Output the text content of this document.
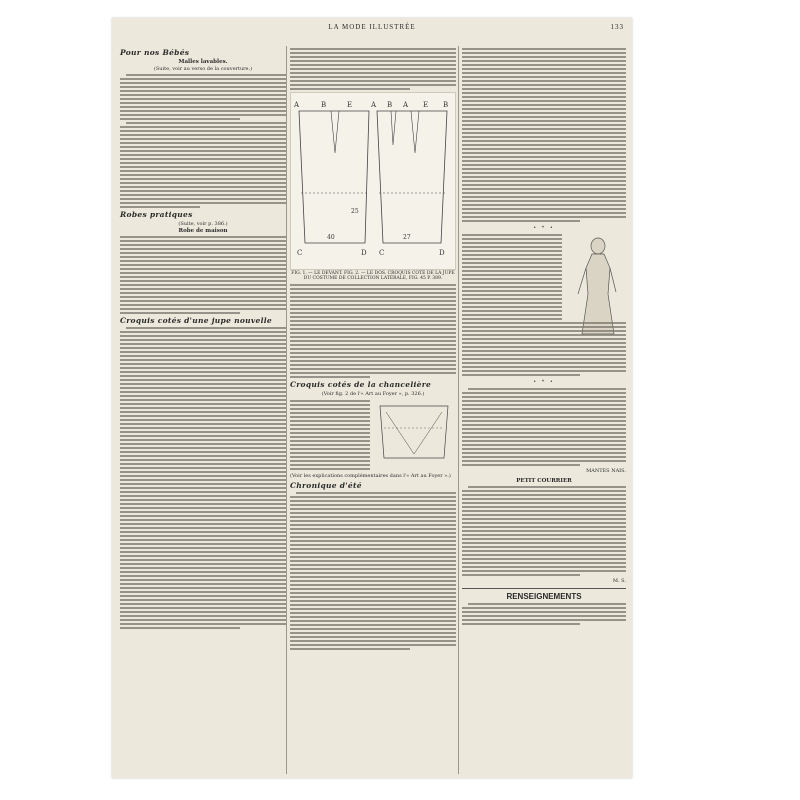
LA MODE ILLUSTRÉE	133
Pour nos Bébés
Malles lavables.
(Suite, voir au verso de la couverture.)
Robes pratiques
(Suite, voir p. 386.)
Robe de maison
Croquis cotés d'une jupe nouvelle
A	B	E	A B A E B
C	D C	D
40	27
25
FIG. 1. — LE DEVANT. FIG. 2. — LE DOS. CROQUIS COTÉ DE LA JUPE DU COSTUME DE COLLECTION LATÉRALE, FIG. 45 P. 389.
Croquis cotés de la chancelière
(Voir fig. 2 de l'« Art au Foyer », p. 326.)
(Voir les explications complémentaires dans l'« Art au Foyer ».)
Chronique d'été
• * •
• * •
MANTES NAIS.
PETIT COURRIER
M. S.
RENSEIGNEMENTS
